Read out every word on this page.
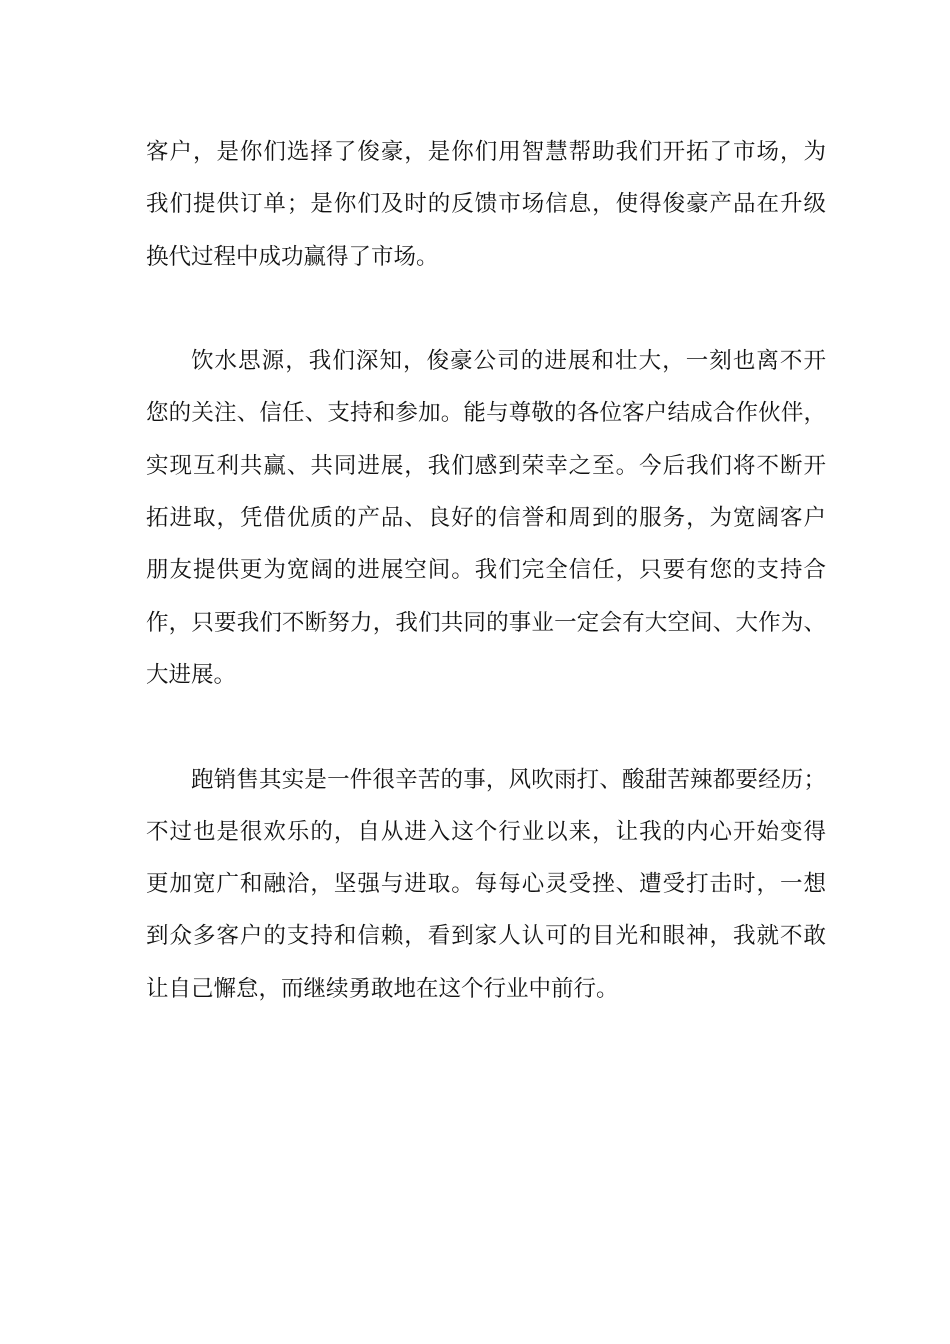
客户，是你们选择了俊豪，是你们用智慧帮助我们开拓了市场，为
我们提供订单；是你们及时的反馈市场信息，使得俊豪产品在升级
换代过程中成功赢得了市场。
饮水思源，我们深知，俊豪公司的进展和壮大，一刻也离不开
您的关注、信任、支持和参加。能与尊敬的各位客户结成合作伙伴，
实现互利共赢、共同进展，我们感到荣幸之至。今后我们将不断开
拓进取，凭借优质的产品、良好的信誉和周到的服务，为宽阔客户
朋友提供更为宽阔的进展空间。我们完全信任，只要有您的支持合
作，只要我们不断努力，我们共同的事业一定会有大空间、大作为、
大进展。
跑销售其实是一件很辛苦的事，风吹雨打、酸甜苦辣都要经历；
不过也是很欢乐的，自从进入这个行业以来，让我的内心开始变得
更加宽广和融洽，坚强与进取。每每心灵受挫、遭受打击时，一想
到众多客户的支持和信赖，看到家人认可的目光和眼神，我就不敢
让自己懈怠，而继续勇敢地在这个行业中前行。
